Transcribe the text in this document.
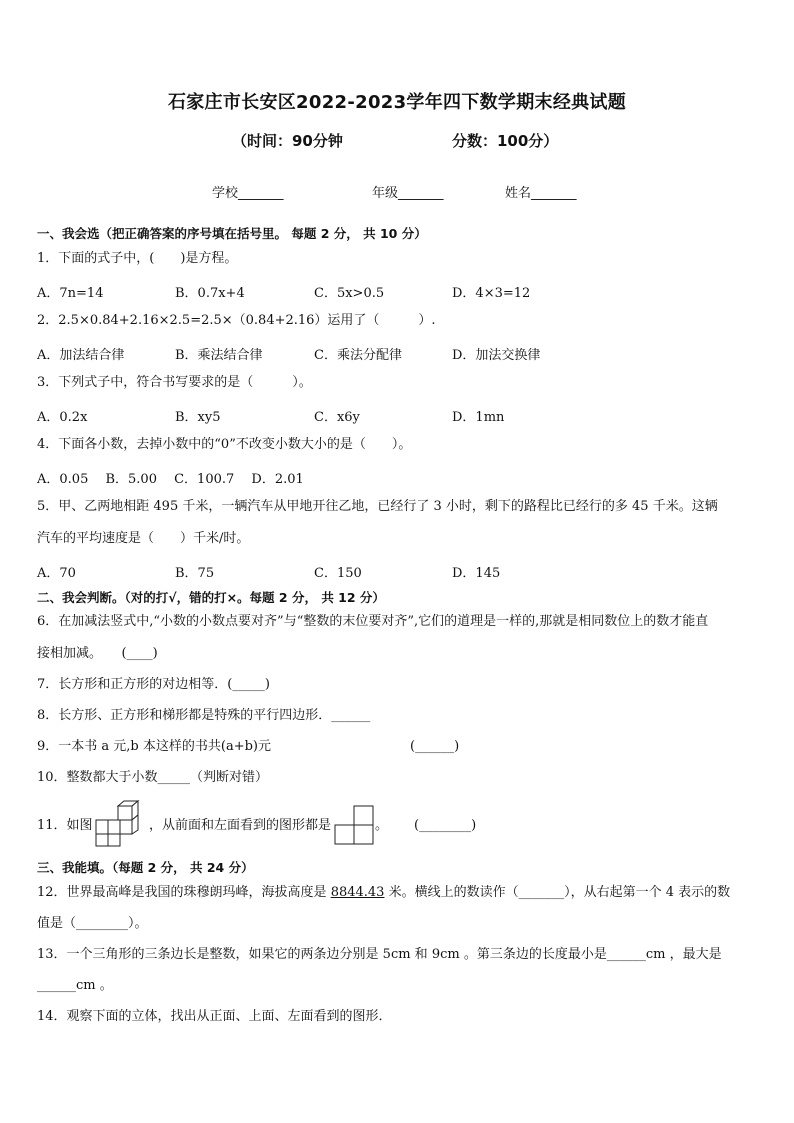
石家庄市长安区2022-2023学年四下数学期末经典试题
（时间：90分钟	分数：100分）
学校_______	年级_______	姓名_______
一、我会选（把正确答案的序号填在括号里。 每题 2 分， 共 10 分）
1．下面的式子中，(　　)是方程。
A．7n=14	B．0.7x+4	C．5x>0.5	D．4×3=12
2．2.5×0.84+2.16×2.5=2.5×（0.84+2.16）运用了（　　　）.
A．加法结合律	B．乘法结合律	C．乘法分配律	D．加法交换律
3．下列式子中，符合书写要求的是（　　　）。
A．0.2x	B．xy5	C．x6y	D．1mn
4．下面各小数，去掉小数中的“0”不改变小数大小的是（　　）。
A．0.05　 B．5.00　 C．100.7　 D．2.01
5．甲、乙两地相距 495 千米，一辆汽车从甲地开往乙地，已经行了 3 小时，剩下的路程比已经行的多 45 千米。这辆
汽车的平均速度是（　　）千米/时。
A．70	B．75	C．150	D．145
二、我会判断。（对的打√，错的打×。每题 2 分， 共 12 分）
6．在加减法竖式中,“小数的小数点要对齐”与“整数的末位要对齐”,它们的道理是一样的,那就是相同数位上的数才能直
接相加减。　　(____)
7．长方形和正方形的对边相等．(_____)
8．长方形、正方形和梯形都是特殊的平行四边形．______
9．一本书 a 元,b 本这样的书共(a+b)元	(______)
10．整数都大于小数_____（判断对错）
11．如图	，从前面和左面看到的图形都是	。 (________)
三、我能填。（每题 2 分， 共 24 分）
12．世界最高峰是我国的珠穆朗玛峰，海拔高度是 8844.43 米。横线上的数读作（_______），从右起第一个 4 表示的数
值是（________）。
13．一个三角形的三条边长是整数，如果它的两条边分别是 5cm 和 9cm 。第三条边的长度最小是______cm ，最大是
______cm 。
14．观察下面的立体，找出从正面、上面、左面看到的图形．
